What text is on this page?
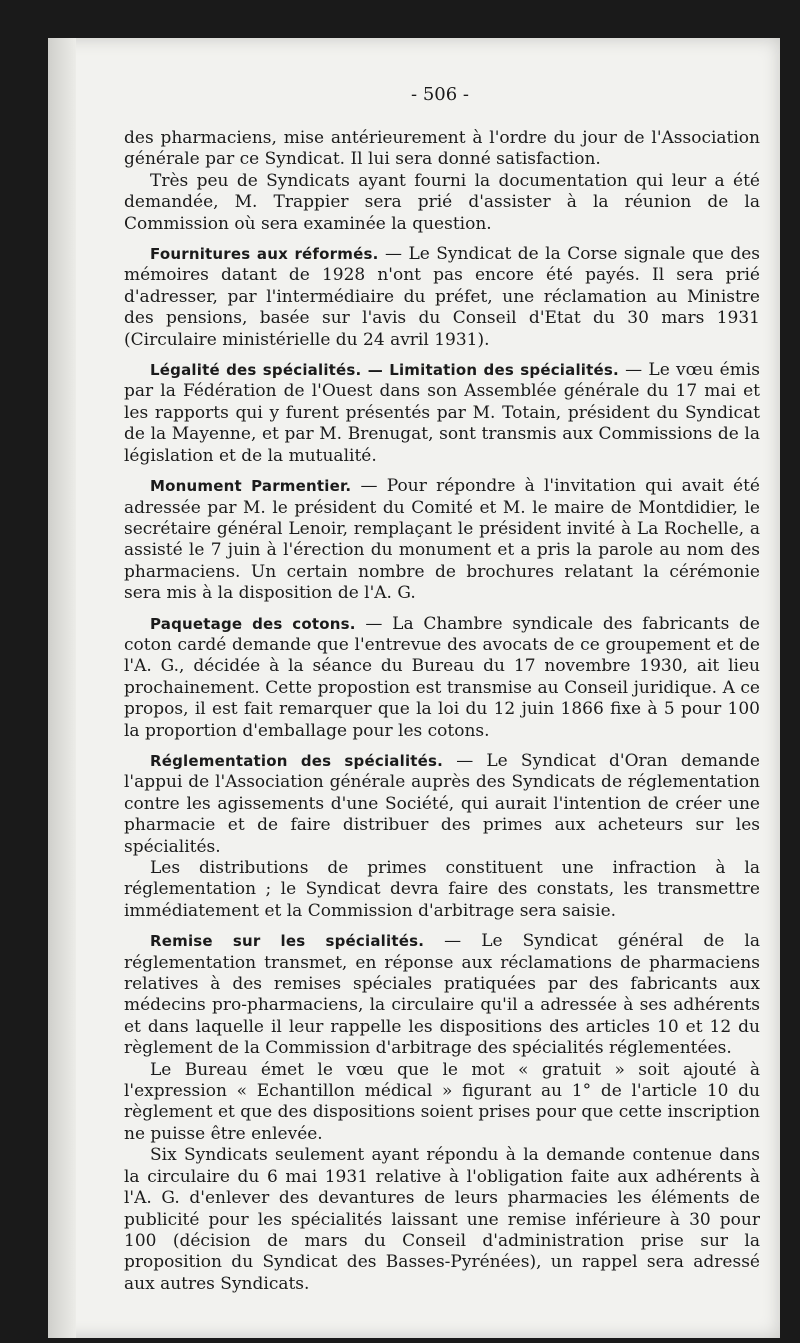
- 506 -

des pharmaciens, mise antérieurement à l'ordre du jour de l'Association générale par ce Syndicat. Il lui sera donné satisfaction.

Très peu de Syndicats ayant fourni la documentation qui leur a été demandée, M. Trappier sera prié d'assister à la réunion de la Commission où sera examinée la question.

Fournitures aux réformés. — Le Syndicat de la Corse signale que des mémoires datant de 1928 n'ont pas encore été payés. Il sera prié d'adresser, par l'intermédiaire du préfet, une réclamation au Ministre des pensions, basée sur l'avis du Conseil d'Etat du 30 mars 1931 (Circulaire ministérielle du 24 avril 1931).

Légalité des spécialités. — Limitation des spécialités. — Le vœu émis par la Fédération de l'Ouest dans son Assemblée générale du 17 mai et les rapports qui y furent présentés par M. Totain, président du Syndicat de la Mayenne, et par M. Brenugat, sont transmis aux Commissions de la législation et de la mutualité.

Monument Parmentier. — Pour répondre à l'invitation qui avait été adressée par M. le président du Comité et M. le maire de Montdidier, le secrétaire général Lenoir, remplaçant le président invité à La Rochelle, a assisté le 7 juin à l'érection du monument et a pris la parole au nom des pharmaciens. Un certain nombre de brochures relatant la cérémonie sera mis à la disposition de l'A. G.

Paquetage des cotons. — La Chambre syndicale des fabricants de coton cardé demande que l'entrevue des avocats de ce groupement et de l'A. G., décidée à la séance du Bureau du 17 novembre 1930, ait lieu prochainement. Cette propostion est transmise au Conseil juridique. A ce propos, il est fait remarquer que la loi du 12 juin 1866 fixe à 5 pour 100 la proportion d'emballage pour les cotons.

Réglementation des spécialités. — Le Syndicat d'Oran demande l'appui de l'Association générale auprès des Syndicats de réglementation contre les agissements d'une Société, qui aurait l'intention de créer une pharmacie et de faire distribuer des primes aux acheteurs sur les spécialités.

Les distributions de primes constituent une infraction à la réglementation ; le Syndicat devra faire des constats, les transmettre immédiatement et la Commission d'arbitrage sera saisie.

Remise sur les spécialités. — Le Syndicat général de la réglementation transmet, en réponse aux réclamations de pharmaciens relatives à des remises spéciales pratiquées par des fabricants aux médecins pro-pharmaciens, la circulaire qu'il a adressée à ses adhérents et dans laquelle il leur rappelle les dispositions des articles 10 et 12 du règlement de la Commission d'arbitrage des spécialités réglementées.

Le Bureau émet le vœu que le mot « gratuit » soit ajouté à l'expression « Echantillon médical » figurant au 1° de l'article 10 du règlement et que des dispositions soient prises pour que cette inscription ne puisse être enlevée.

Six Syndicats seulement ayant répondu à la demande contenue dans la circulaire du 6 mai 1931 relative à l'obligation faite aux adhérents à l'A. G. d'enlever des devantures de leurs pharmacies les éléments de publicité pour les spécialités laissant une remise inférieure à 30 pour 100 (décision de mars du Conseil d'administration prise sur la proposition du Syndicat des Basses-Pyrénées), un rappel sera adressé aux autres Syndicats.
